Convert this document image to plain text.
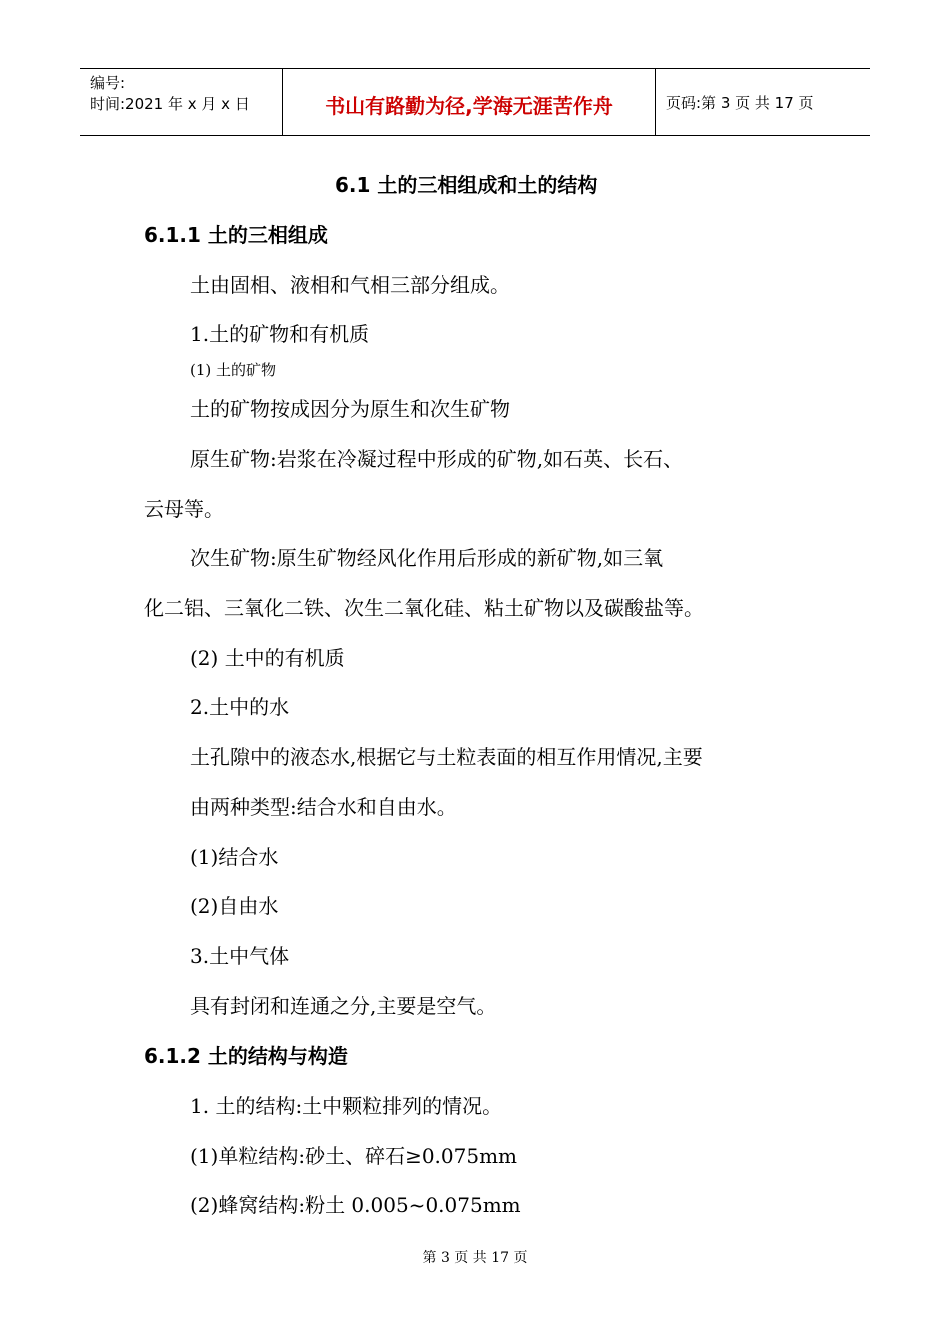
编号:
时间:2021 年 x 月 x 日	书山有路勤为径,学海无涯苦作舟	页码:第 3 页 共 17 页
6.1 土的三相组成和土的结构
6.1.1 土的三相组成
土由固相、液相和气相三部分组成。
1.土的矿物和有机质
(1) 土的矿物
土的矿物按成因分为原生和次生矿物
原生矿物:岩浆在冷凝过程中形成的矿物,如石英、长石、
云母等。
次生矿物:原生矿物经风化作用后形成的新矿物,如三氧
化二铝、三氧化二铁、次生二氧化硅、粘土矿物以及碳酸盐等。
(2) 土中的有机质
2.土中的水
土孔隙中的液态水,根据它与土粒表面的相互作用情况,主要
由两种类型:结合水和自由水。
(1)结合水
(2)自由水
3.土中气体
具有封闭和连通之分,主要是空气。
6.1.2 土的结构与构造
1. 土的结构:土中颗粒排列的情况。
(1)单粒结构:砂土、碎石≥0.075mm
(2)蜂窝结构:粉土 0.005~0.075mm
第 3 页 共 17 页
